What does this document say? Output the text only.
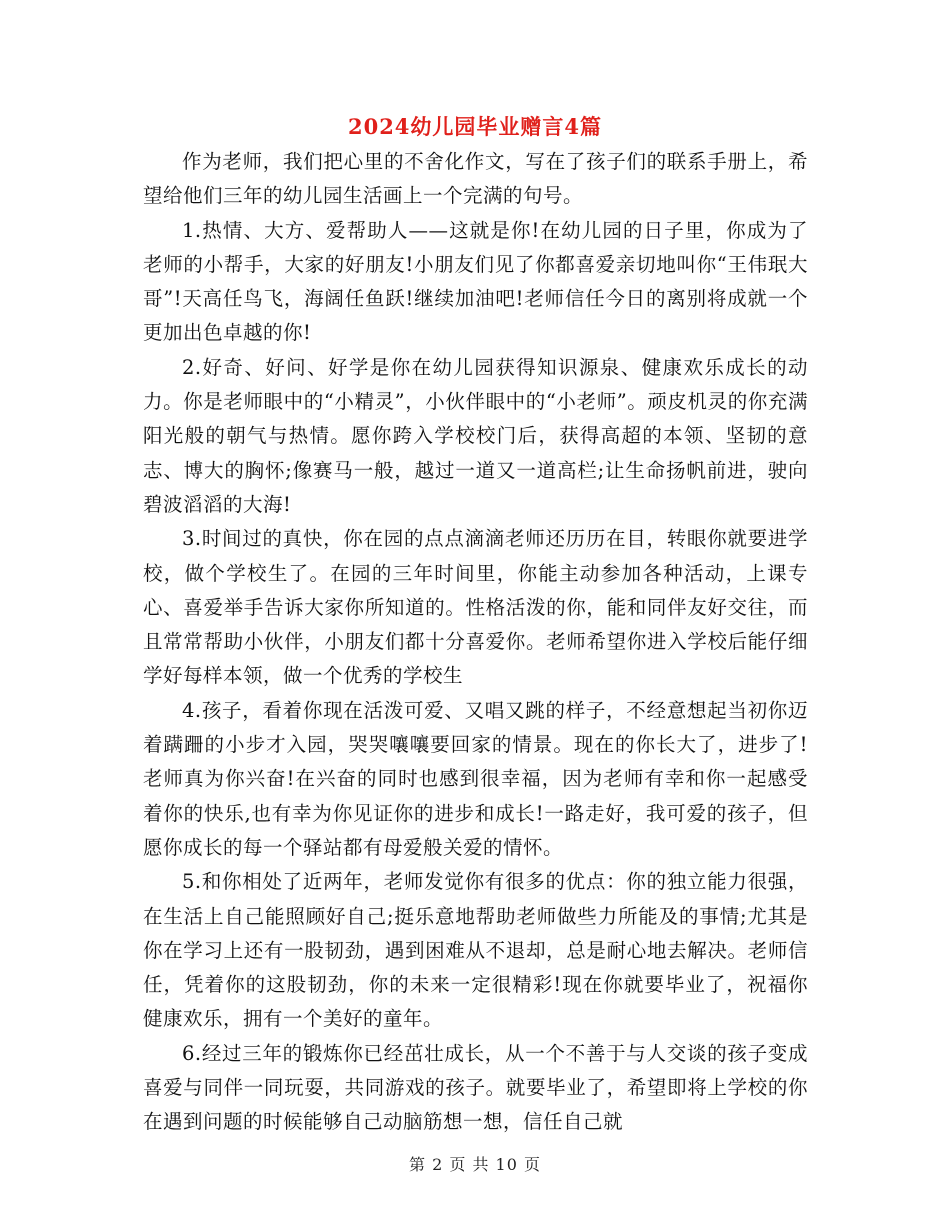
2024幼儿园毕业赠言4篇

作为老师，我们把心里的不舍化作文，写在了孩子们的联系手册上，希望给他们三年的幼儿园生活画上一个完满的句号。

1.热情、大方、爱帮助人——这就是你!在幼儿园的日子里，你成为了老师的小帮手，大家的好朋友!小朋友们见了你都喜爱亲切地叫你“王伟珉大哥”!天高任鸟飞，海阔任鱼跃!继续加油吧!老师信任今日的离别将成就一个更加出色卓越的你!

2.好奇、好问、好学是你在幼儿园获得知识源泉、健康欢乐成长的动力。你是老师眼中的“小精灵”，小伙伴眼中的“小老师”。顽皮机灵的你充满阳光般的朝气与热情。愿你跨入学校校门后，获得高超的本领、坚韧的意志、博大的胸怀;像赛马一般，越过一道又一道高栏;让生命扬帆前进，驶向碧波滔滔的大海!

3.时间过的真快，你在园的点点滴滴老师还历历在目，转眼你就要进学校，做个学校生了。在园的三年时间里，你能主动参加各种活动，上课专心、喜爱举手告诉大家你所知道的。性格活泼的你，能和同伴友好交往，而且常常帮助小伙伴，小朋友们都十分喜爱你。老师希望你进入学校后能仔细学好每样本领，做一个优秀的学校生

4.孩子，看着你现在活泼可爱、又唱又跳的样子，不经意想起当初你迈着蹒跚的小步才入园，哭哭嚷嚷要回家的情景。现在的你长大了，进步了!老师真为你兴奋!在兴奋的同时也感到很幸福，因为老师有幸和你一起感受着你的快乐,也有幸为你见证你的进步和成长!一路走好，我可爱的孩子，但愿你成长的每一个驿站都有母爱般关爱的情怀。

5.和你相处了近两年，老师发觉你有很多的优点：你的独立能力很强，在生活上自己能照顾好自己;挺乐意地帮助老师做些力所能及的事情;尤其是你在学习上还有一股韧劲，遇到困难从不退却，总是耐心地去解决。老师信任，凭着你的这股韧劲，你的未来一定很精彩!现在你就要毕业了，祝福你健康欢乐，拥有一个美好的童年。

6.经过三年的锻炼你已经茁壮成长，从一个不善于与人交谈的孩子变成喜爱与同伴一同玩耍，共同游戏的孩子。就要毕业了，希望即将上学校的你在遇到问题的时候能够自己动脑筋想一想，信任自己就

第 2 页 共 10 页
